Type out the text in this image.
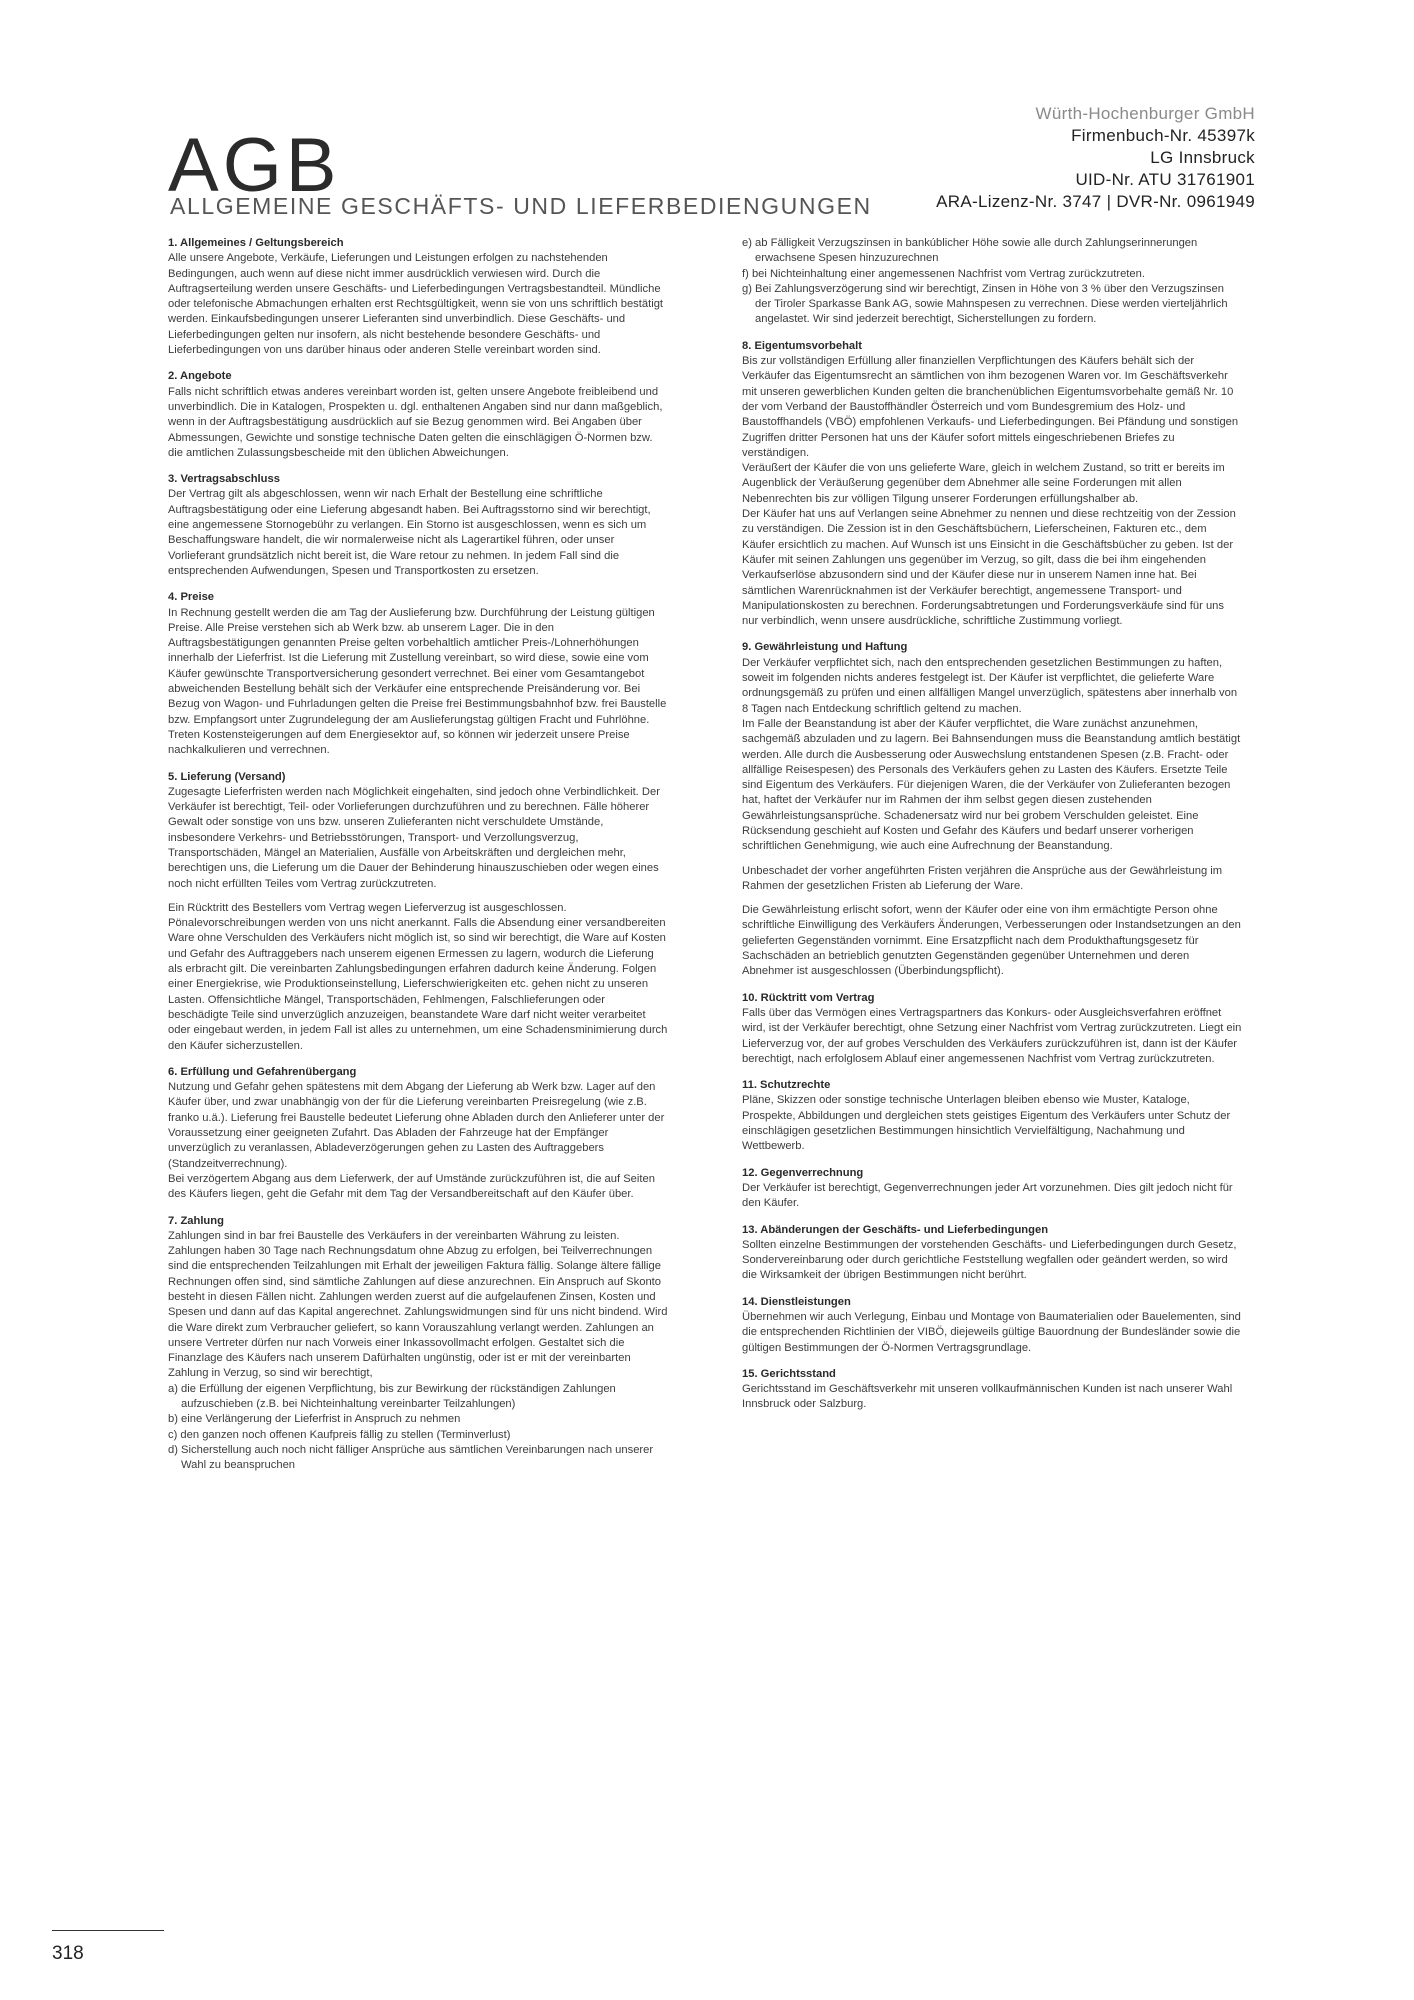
AGB
ALLGEMEINE GESCHÄFTS- UND LIEFERBEDIENGUNGEN
Würth-Hochenburger GmbH
Firmenbuch-Nr. 45397k
LG Innsbruck
UID-Nr. ATU 31761901
ARA-Lizenz-Nr. 3747 | DVR-Nr. 0961949
1. Allgemeines / Geltungsbereich

Alle unsere Angebote, Verkäufe, Lieferungen und Leistungen erfolgen zu nachstehenden Bedingungen, auch wenn auf diese nicht immer ausdrücklich verwiesen wird. Durch die Auftragserteilung werden unsere Geschäfts- und Lieferbedingungen Vertragsbestandteil. Mündliche oder telefonische Abmachungen erhalten erst Rechtsgültigkeit, wenn sie von uns schriftlich bestätigt werden. Einkaufsbedingungen unserer Lieferanten sind unverbindlich. Diese Geschäfts- und Lieferbedingungen gelten nur insofern, als nicht bestehende besondere Geschäfts- und Lieferbedingungen von uns darüber hinaus oder anderen Stelle vereinbart worden sind.

2. Angebote

Falls nicht schriftlich etwas anderes vereinbart worden ist, gelten unsere Angebote freibleibend und unverbindlich. Die in Katalogen, Prospekten u. dgl. enthaltenen Angaben sind nur dann maßgeblich, wenn in der Auftragsbestätigung ausdrücklich auf sie Bezug genommen wird. Bei Angaben über Abmessungen, Gewichte und sonstige technische Daten gelten die einschlägigen Ö-Normen bzw. die amtlichen Zulassungsbescheide mit den üblichen Abweichungen.

3. Vertragsabschluss

Der Vertrag gilt als abgeschlossen, wenn wir nach Erhalt der Bestellung eine schriftliche Auftragsbestätigung oder eine Lieferung abgesandt haben. Bei Auftragsstorno sind wir berechtigt, eine angemessene Stornogebühr zu verlangen. Ein Storno ist ausgeschlossen, wenn es sich um Beschaffungsware handelt, die wir normalerweise nicht als Lagerartikel führen, oder unser Vorlieferant grundsätzlich nicht bereit ist, die Ware retour zu nehmen. In jedem Fall sind die entsprechenden Aufwendungen, Spesen und Transportkosten zu ersetzen.

4. Preise

In Rechnung gestellt werden die am Tag der Auslieferung bzw. Durchführung der Leistung gültigen Preise. Alle Preise verstehen sich ab Werk bzw. ab unserem Lager. Die in den Auftragsbestätigungen genannten Preise gelten vorbehaltlich amtlicher Preis-/Lohnerhöhungen innerhalb der Lieferfrist. Ist die Lieferung mit Zustellung vereinbart, so wird diese, sowie eine vom Käufer gewünschte Transportversicherung gesondert verrechnet. Bei einer vom Gesamtangebot abweichenden Bestellung behält sich der Verkäufer eine entsprechende Preisänderung vor. Bei Bezug von Wagon- und Fuhrladungen gelten die Preise frei Bestimmungsbahnhof bzw. frei Baustelle bzw. Empfangsort unter Zugrundelegung der am Auslieferungstag gültigen Fracht und Fuhrlöhne. Treten Kostensteigerungen auf dem Energiesektor auf, so können wir jederzeit unsere Preise nachkalkulieren und verrechnen.

5. Lieferung (Versand)

Zugesagte Lieferfristen werden nach Möglichkeit eingehalten, sind jedoch ohne Verbindlichkeit. Der Verkäufer ist berechtigt, Teil- oder Vorlieferungen durchzuführen und zu berechnen. Fälle höherer Gewalt oder sonstige von uns bzw. unseren Zulieferanten nicht verschuldete Umstände, insbesondere Verkehrs- und Betriebsstörungen, Transport- und Verzollungsverzug, Transportschäden, Mängel an Materialien, Ausfälle von Arbeitskräften und dergleichen mehr, berechtigen uns, die Lieferung um die Dauer der Behinderung hinauszuschieben oder wegen eines noch nicht erfüllten Teiles vom Vertrag zurückzutreten.

Ein Rücktritt des Bestellers vom Vertrag wegen Lieferverzug ist ausgeschlossen. Pönalevorschreibungen werden von uns nicht anerkannt. Falls die Absendung einer versandbereiten Ware ohne Verschulden des Verkäufers nicht möglich ist, so sind wir berechtigt, die Ware auf Kosten und Gefahr des Auftraggebers nach unserem eigenen Ermessen zu lagern, wodurch die Lieferung als erbracht gilt. Die vereinbarten Zahlungsbedingungen erfahren dadurch keine Änderung. Folgen einer Energiekrise, wie Produktionseinstellung, Lieferschwierigkeiten etc. gehen nicht zu unseren Lasten. Offensichtliche Mängel, Transportschäden, Fehlmengen, Falschlieferungen oder beschädigte Teile sind unverzüglich anzuzeigen, beanstandete Ware darf nicht weiter verarbeitet oder eingebaut werden, in jedem Fall ist alles zu unternehmen, um eine Schadensminimierung durch den Käufer sicherzustellen.

6. Erfüllung und Gefahrenübergang

Nutzung und Gefahr gehen spätestens mit dem Abgang der Lieferung ab Werk bzw. Lager auf den Käufer über, und zwar unabhängig von der für die Lieferung vereinbarten Preisregelung (wie z.B. franko u.ä.). Lieferung frei Baustelle bedeutet Lieferung ohne Abladen durch den Anlieferer unter der Voraussetzung einer geeigneten Zufahrt. Das Abladen der Fahrzeuge hat der Empfänger unverzüglich zu veranlassen, Abladeverzögerungen gehen zu Lasten des Auftraggebers (Standzeitverrechnung).

Bei verzögertem Abgang aus dem Lieferwerk, der auf Umstände zurückzuführen ist, die auf Seiten des Käufers liegen, geht die Gefahr mit dem Tag der Versandbereitschaft auf den Käufer über.

7. Zahlung

Zahlungen sind in bar frei Baustelle des Verkäufers in der vereinbarten Währung zu leisten. Zahlungen haben 30 Tage nach Rechnungsdatum ohne Abzug zu erfolgen, bei Teilverrechnungen sind die entsprechenden Teilzahlungen mit Erhalt der jeweiligen Faktura fällig. Solange ältere fällige Rechnungen offen sind, sind sämtliche Zahlungen auf diese anzurechnen. Ein Anspruch auf Skonto besteht in diesen Fällen nicht. Zahlungen werden zuerst auf die aufgelaufenen Zinsen, Kosten und Spesen und dann auf das Kapital angerechnet. Zahlungswidmungen sind für uns nicht bindend. Wird die Ware direkt zum Verbraucher geliefert, so kann Vorauszahlung verlangt werden. Zahlungen an unsere Vertreter dürfen nur nach Vorweis einer Inkassovollmacht erfolgen. Gestaltet sich die Finanzlage des Käufers nach unserem Dafürhalten ungünstig, oder ist er mit der vereinbarten Zahlung in Verzug, so sind wir berechtigt,

a) die Erfüllung der eigenen Verpflichtung, bis zur Bewirkung der rückständigen Zahlungen aufzuschieben (z.B. bei Nichteinhaltung vereinbarter Teilzahlungen)
b) eine Verlängerung der Lieferfrist in Anspruch zu nehmen
c) den ganzen noch offenen Kaufpreis fällig zu stellen (Terminverlust)
d) Sicherstellung auch noch nicht fälliger Ansprüche aus sämtlichen Vereinbarungen nach unserer Wahl zu beanspruchen
e) ab Fälligkeit Verzugszinsen in bankúblicher Höhe sowie alle durch Zahlungserinnerungen erwachsene Spesen hinzuzurechnen
f) bei Nichteinhaltung einer angemessenen Nachfrist vom Vertrag zurückzutreten.
g) Bei Zahlungsverzögerung sind wir berechtigt, Zinsen in Höhe von 3 % über den Verzugszinsen der Tiroler Sparkasse Bank AG, sowie Mahnspesen zu verrechnen. Diese werden vierteljährlich angelastet. Wir sind jederzeit berechtigt, Sicherstellungen zu fordern.
8. Eigentumsvorbehalt

Bis zur vollständigen Erfüllung aller finanziellen Verpflichtungen des Käufers behält sich der Verkäufer das Eigentumsrecht an sämtlichen von ihm bezogenen Waren vor. Im Geschäftsverkehr mit unseren gewerblichen Kunden gelten die branchenüblichen Eigentumsvorbehalte gemäß Nr. 10 der vom Verband der Baustoffhändler Österreich und vom Bundesgremium des Holz- und Baustoffhandels (VBÖ) empfohlenen Verkaufs- und Lieferbedingungen. Bei Pfändung und sonstigen Zugriffen dritter Personen hat uns der Käufer sofort mittels eingeschriebenen Briefes zu verständigen.

Veräußert der Käufer die von uns gelieferte Ware, gleich in welchem Zustand, so tritt er bereits im Augenblick der Veräußerung gegenüber dem Abnehmer alle seine Forderungen mit allen Nebenrechten bis zur völligen Tilgung unserer Forderungen erfüllungshalber ab.

Der Käufer hat uns auf Verlangen seine Abnehmer zu nennen und diese rechtzeitig von der Zession zu verständigen. Die Zession ist in den Geschäftsbüchern, Lieferscheinen, Fakturen etc., dem Käufer ersichtlich zu machen. Auf Wunsch ist uns Einsicht in die Geschäftsbücher zu geben. Ist der Käufer mit seinen Zahlungen uns gegenüber im Verzug, so gilt, dass die bei ihm eingehenden Verkaufserlöse abzusondern sind und der Käufer diese nur in unserem Namen inne hat. Bei sämtlichen Warenrücknahmen ist der Verkäufer berechtigt, angemessene Transport- und Manipulationskosten zu berechnen. Forderungsabtretungen und Forderungsverkäufe sind für uns nur verbindlich, wenn unsere ausdrückliche, schriftliche Zustimmung vorliegt.

9. Gewährleistung und Haftung

Der Verkäufer verpflichtet sich, nach den entsprechenden gesetzlichen Bestimmungen zu haften, soweit im folgenden nichts anderes festgelegt ist. Der Käufer ist verpflichtet, die gelieferte Ware ordnungsgemäß zu prüfen und einen allfälligen Mangel unverzüglich, spätestens aber innerhalb von 8 Tagen nach Entdeckung schriftlich geltend zu machen.

Im Falle der Beanstandung ist aber der Käufer verpflichtet, die Ware zunächst anzunehmen, sachgemäß abzuladen und zu lagern. Bei Bahnsendungen muss die Beanstandung amtlich bestätigt werden. Alle durch die Ausbesserung oder Auswechslung entstandenen Spesen (z.B. Fracht- oder allfällige Reisespesen) des Personals des Verkäufers gehen zu Lasten des Käufers. Ersetzte Teile sind Eigentum des Verkäufers. Für diejenigen Waren, die der Verkäufer von Zulieferanten bezogen hat, haftet der Verkäufer nur im Rahmen der ihm selbst gegen diesen zustehenden Gewährleistungsansprüche. Schadenersatz wird nur bei grobem Verschulden geleistet. Eine Rücksendung geschieht auf Kosten und Gefahr des Käufers und bedarf unserer vorherigen schriftlichen Genehmigung, wie auch eine Aufrechnung der Beanstandung.

Unbeschadet der vorher angeführten Fristen verjähren die Ansprüche aus der Gewährleistung im Rahmen der gesetzlichen Fristen ab Lieferung der Ware.

Die Gewährleistung erlischt sofort, wenn der Käufer oder eine von ihm ermächtigte Person ohne schriftliche Einwilligung des Verkäufers Änderungen, Verbesserungen oder Instandsetzungen an den gelieferten Gegenständen vornimmt. Eine Ersatzpflicht nach dem Produkthaftungsgesetz für Sachschäden an betrieblich genutzten Gegenständen gegenüber Unternehmen und deren Abnehmer ist ausgeschlossen (Überbindungspflicht).

10. Rücktritt vom Vertrag

Falls über das Vermögen eines Vertragspartners das Konkurs- oder Ausgleichsverfahren eröffnet wird, ist der Verkäufer berechtigt, ohne Setzung einer Nachfrist vom Vertrag zurückzutreten. Liegt ein Lieferverzug vor, der auf grobes Verschulden des Verkäufers zurückzuführen ist, dann ist der Käufer berechtigt, nach erfolglosem Ablauf einer angemessenen Nachfrist vom Vertrag zurückzutreten.

11. Schutzrechte

Pläne, Skizzen oder sonstige technische Unterlagen bleiben ebenso wie Muster, Kataloge, Prospekte, Abbildungen und dergleichen stets geistiges Eigentum des Verkäufers unter Schutz der einschlägigen gesetzlichen Bestimmungen hinsichtlich Vervielfältigung, Nachahmung und Wettbewerb.

12. Gegenverrechnung

Der Verkäufer ist berechtigt, Gegenverrechnungen jeder Art vorzunehmen. Dies gilt jedoch nicht für den Käufer.

13. Abänderungen der Geschäfts- und Lieferbedingungen

Sollten einzelne Bestimmungen der vorstehenden Geschäfts- und Lieferbedingungen durch Gesetz, Sondervereinbarung oder durch gerichtliche Feststellung wegfallen oder geändert werden, so wird die Wirksamkeit der übrigen Bestimmungen nicht berührt.

14. Dienstleistungen

Übernehmen wir auch Verlegung, Einbau und Montage von Baumaterialien oder Bauelementen, sind die entsprechenden Richtlinien der VIBÖ, diejeweils gültige Bauordnung der Bundesländer sowie die gültigen Bestimmungen der Ö-Normen Vertragsgrundlage.

15. Gerichtsstand

Gerichtsstand im Geschäftsverkehr mit unseren vollkaufmännischen Kunden ist nach unserer Wahl Innsbruck oder Salzburg.

318
